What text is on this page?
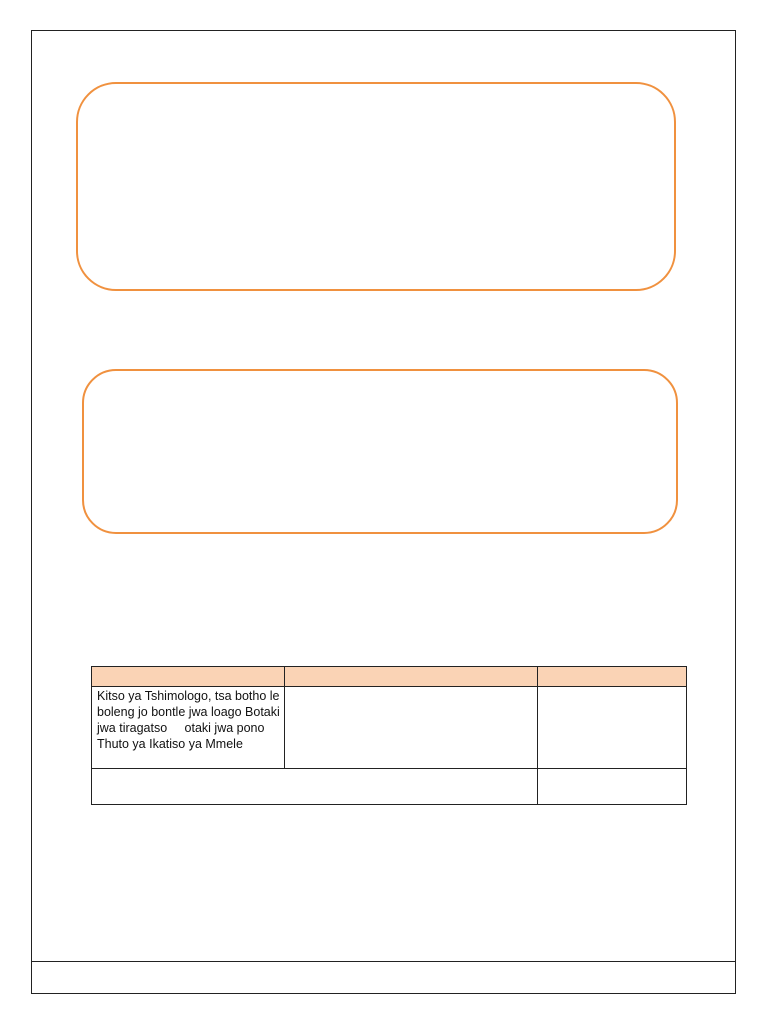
Kitso ya Tshimologo, tsa botho le boleng jo bontle jwa loago Botaki jwa tiragatso     otaki jwa pono   Thuto ya Ikatiso ya Mmele		
